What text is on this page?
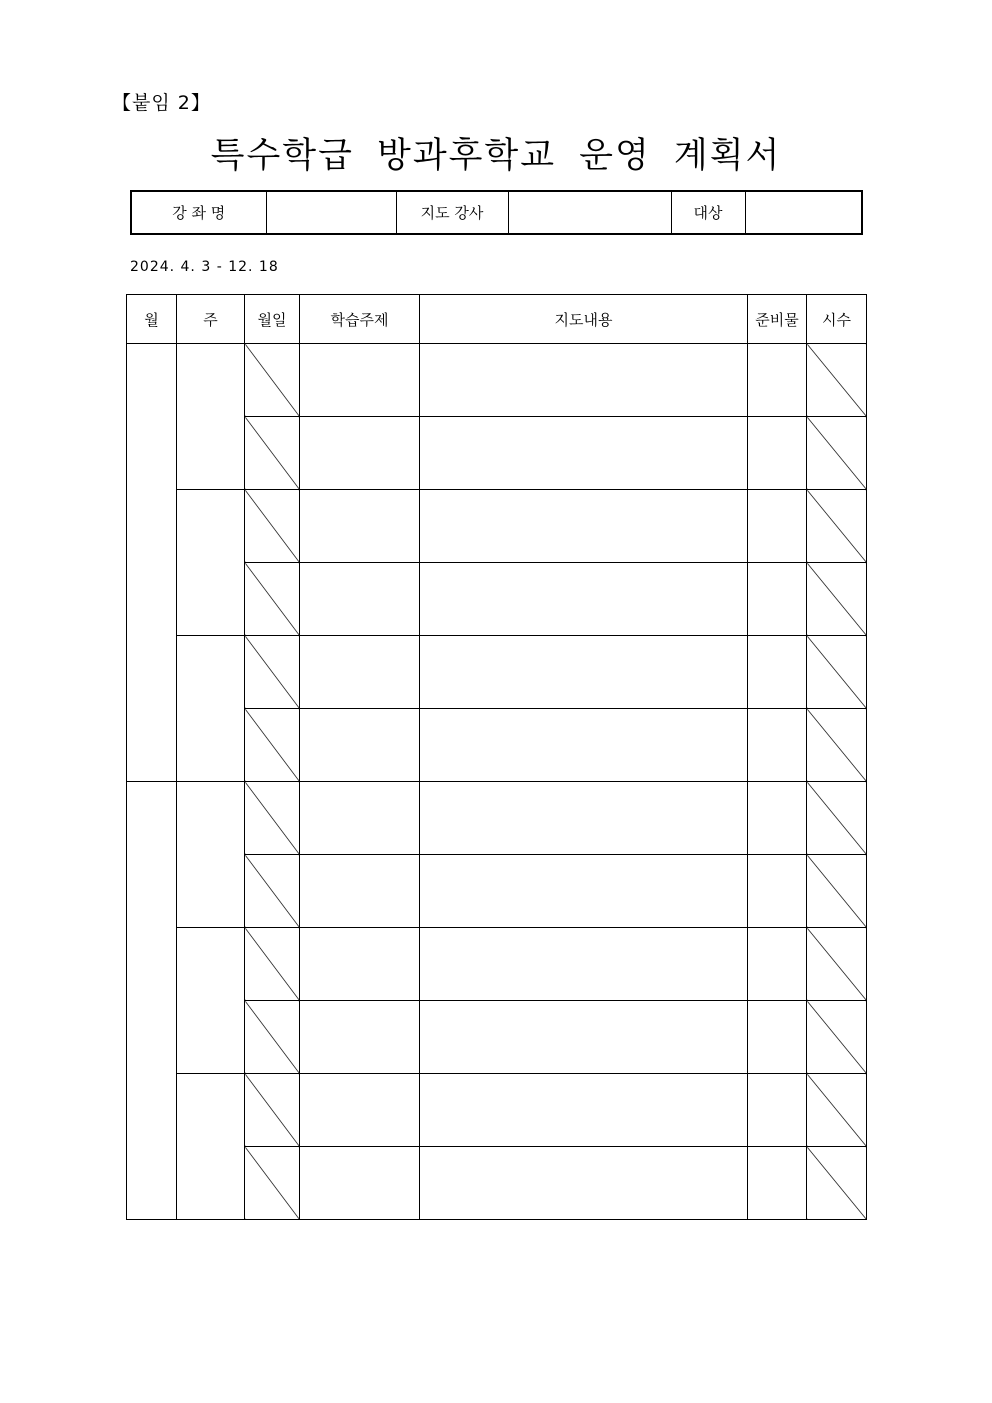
【붙임 2】
특수학급 방과후학교 운영 계획서
강 좌 명		지도 강사		대상	
2024. 4. 3 - 12. 18
월	주	월일	학습주제	지도내용	준비물	시수
